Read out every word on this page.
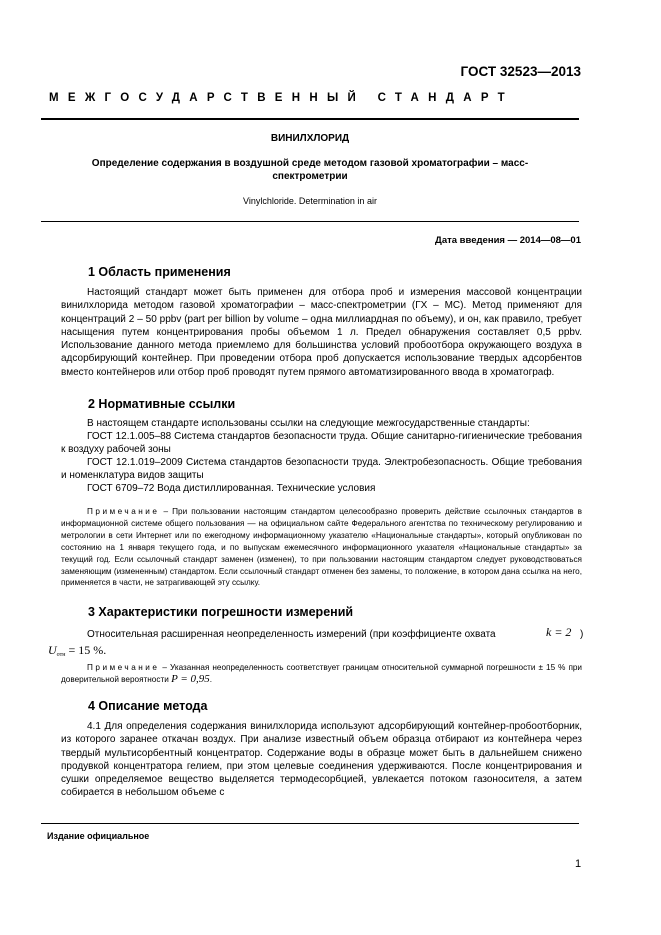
ГОСТ 32523—2013
МЕЖГОСУДАРСТВЕННЫЙ СТАНДАРТ
ВИНИЛХЛОРИД
Определение содержания в воздушной среде методом газовой хроматографии – масс-спектрометрии
Vinylchloride. Determination in air
Дата введения — 2014—08—01
1 Область применения
Настоящий стандарт может быть применен для отбора проб и измерения массовой концентрации винилхлорида методом газовой хроматографии – масс-спектрометрии (ГХ – МС). Метод применяют для концентраций 2 – 50 ppbv (part per billion by volume – одна миллиардная по объему), и он, как правило, требует насыщения путем концентрирования пробы объемом 1 л. Предел обнаружения составляет 0,5 ppbv. Использование данного метода приемлемо для большинства условий пробоотбора окружающего воздуха в адсорбирующий контейнер. При проведении отбора проб допускается использование твердых адсорбентов вместо контейнеров или отбор проб проводят путем прямого автоматизированного ввода в хроматограф.
2 Нормативные ссылки
В настоящем стандарте использованы ссылки на следующие межгосударственные стандарты:
ГОСТ 12.1.005–88 Система стандартов безопасности труда. Общие санитарно-гигиенические требования к воздуху рабочей зоны
ГОСТ 12.1.019–2009 Система стандартов безопасности труда. Электробезопасность. Общие требования и номенклатура видов защиты
ГОСТ 6709–72 Вода дистиллированная. Технические условия
Примечание – При пользовании настоящим стандартом целесообразно проверить действие ссылочных стандартов в информационной системе общего пользования — на официальном сайте Федерального агентства по техническому регулированию и метрологии в сети Интернет или по ежегодному информационному указателю «Национальные стандарты», который опубликован по состоянию на 1 января текущего года, и по выпускам ежемесячного информационного указателя «Национальные стандарты» за текущий год. Если ссылочный стандарт заменен (изменен), то при пользовании настоящим стандартом следует руководствоваться заменяющим (измененным) стандартом. Если ссылочный стандарт отменен без замены, то положение, в котором дана ссылка на него, применяется в части, не затрагивающей эту ссылку.
3 Характеристики погрешности измерений
Относительная расширенная неопределенность измерений (при коэффициенте охвата	k = 2 )
$U_{отн} = 15$ %.
Примечание – Указанная неопределенность соответствует границам относительной суммарной погрешности ± 15 % при доверительной вероятности P = 0,95.
4 Описание метода
4.1 Для определения содержания винилхлорида используют адсорбирующий контейнер-пробоотборник, из которого заранее откачан воздух. При анализе известный объем образца отбирают из контейнера через твердый мультисорбентный концентратор. Содержание воды в образце может быть в дальнейшем снижено продувкой концентратора гелием, при этом целевые соединения удерживаются. После концентрирования и сушки определяемое вещество выделяется термодесорбцией, увлекается потоком газоносителя, а затем собирается в небольшом объеме с
Издание официальное
1
